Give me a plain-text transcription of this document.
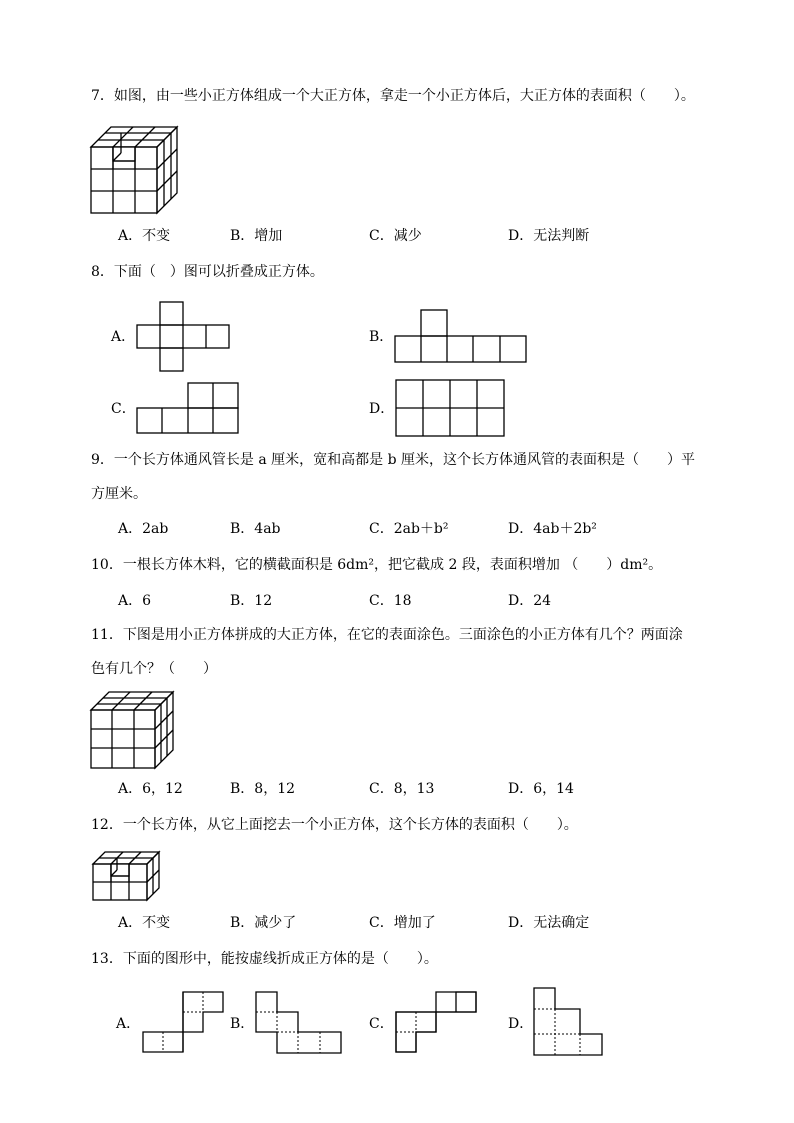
7．如图，由一些小正方体组成一个大正方体，拿走一个小正方体后，大正方体的表面积（　　）。
A．不变	B．增加	C．减少	D．无法判断
8．下面（　）图可以折叠成正方体。
A．	B．
C．	D．
9．一个长方体通风管长是 a 厘米，宽和高都是 b 厘米，这个长方体通风管的表面积是（　　）平
方厘米。
A．2ab	B．4ab	C．2ab＋b²	D．4ab＋2b²
10．一根长方体木料，它的横截面积是 6dm²，把它截成 2 段，表面积增加 （　　）dm²。
A．6	B．12	C．18	D．24
11．下图是用小正方体拼成的大正方体，在它的表面涂色。三面涂色的小正方体有几个？两面涂
色有几个？（　　）
A．6，12	B．8，12	C．8，13	D．6，14
12．一个长方体，从它上面挖去一个小正方体，这个长方体的表面积（　　）。
A．不变	B．减少了	C．增加了	D．无法确定
13．下面的图形中，能按虚线折成正方体的是（　　）。
A．	B．	C．	D．
